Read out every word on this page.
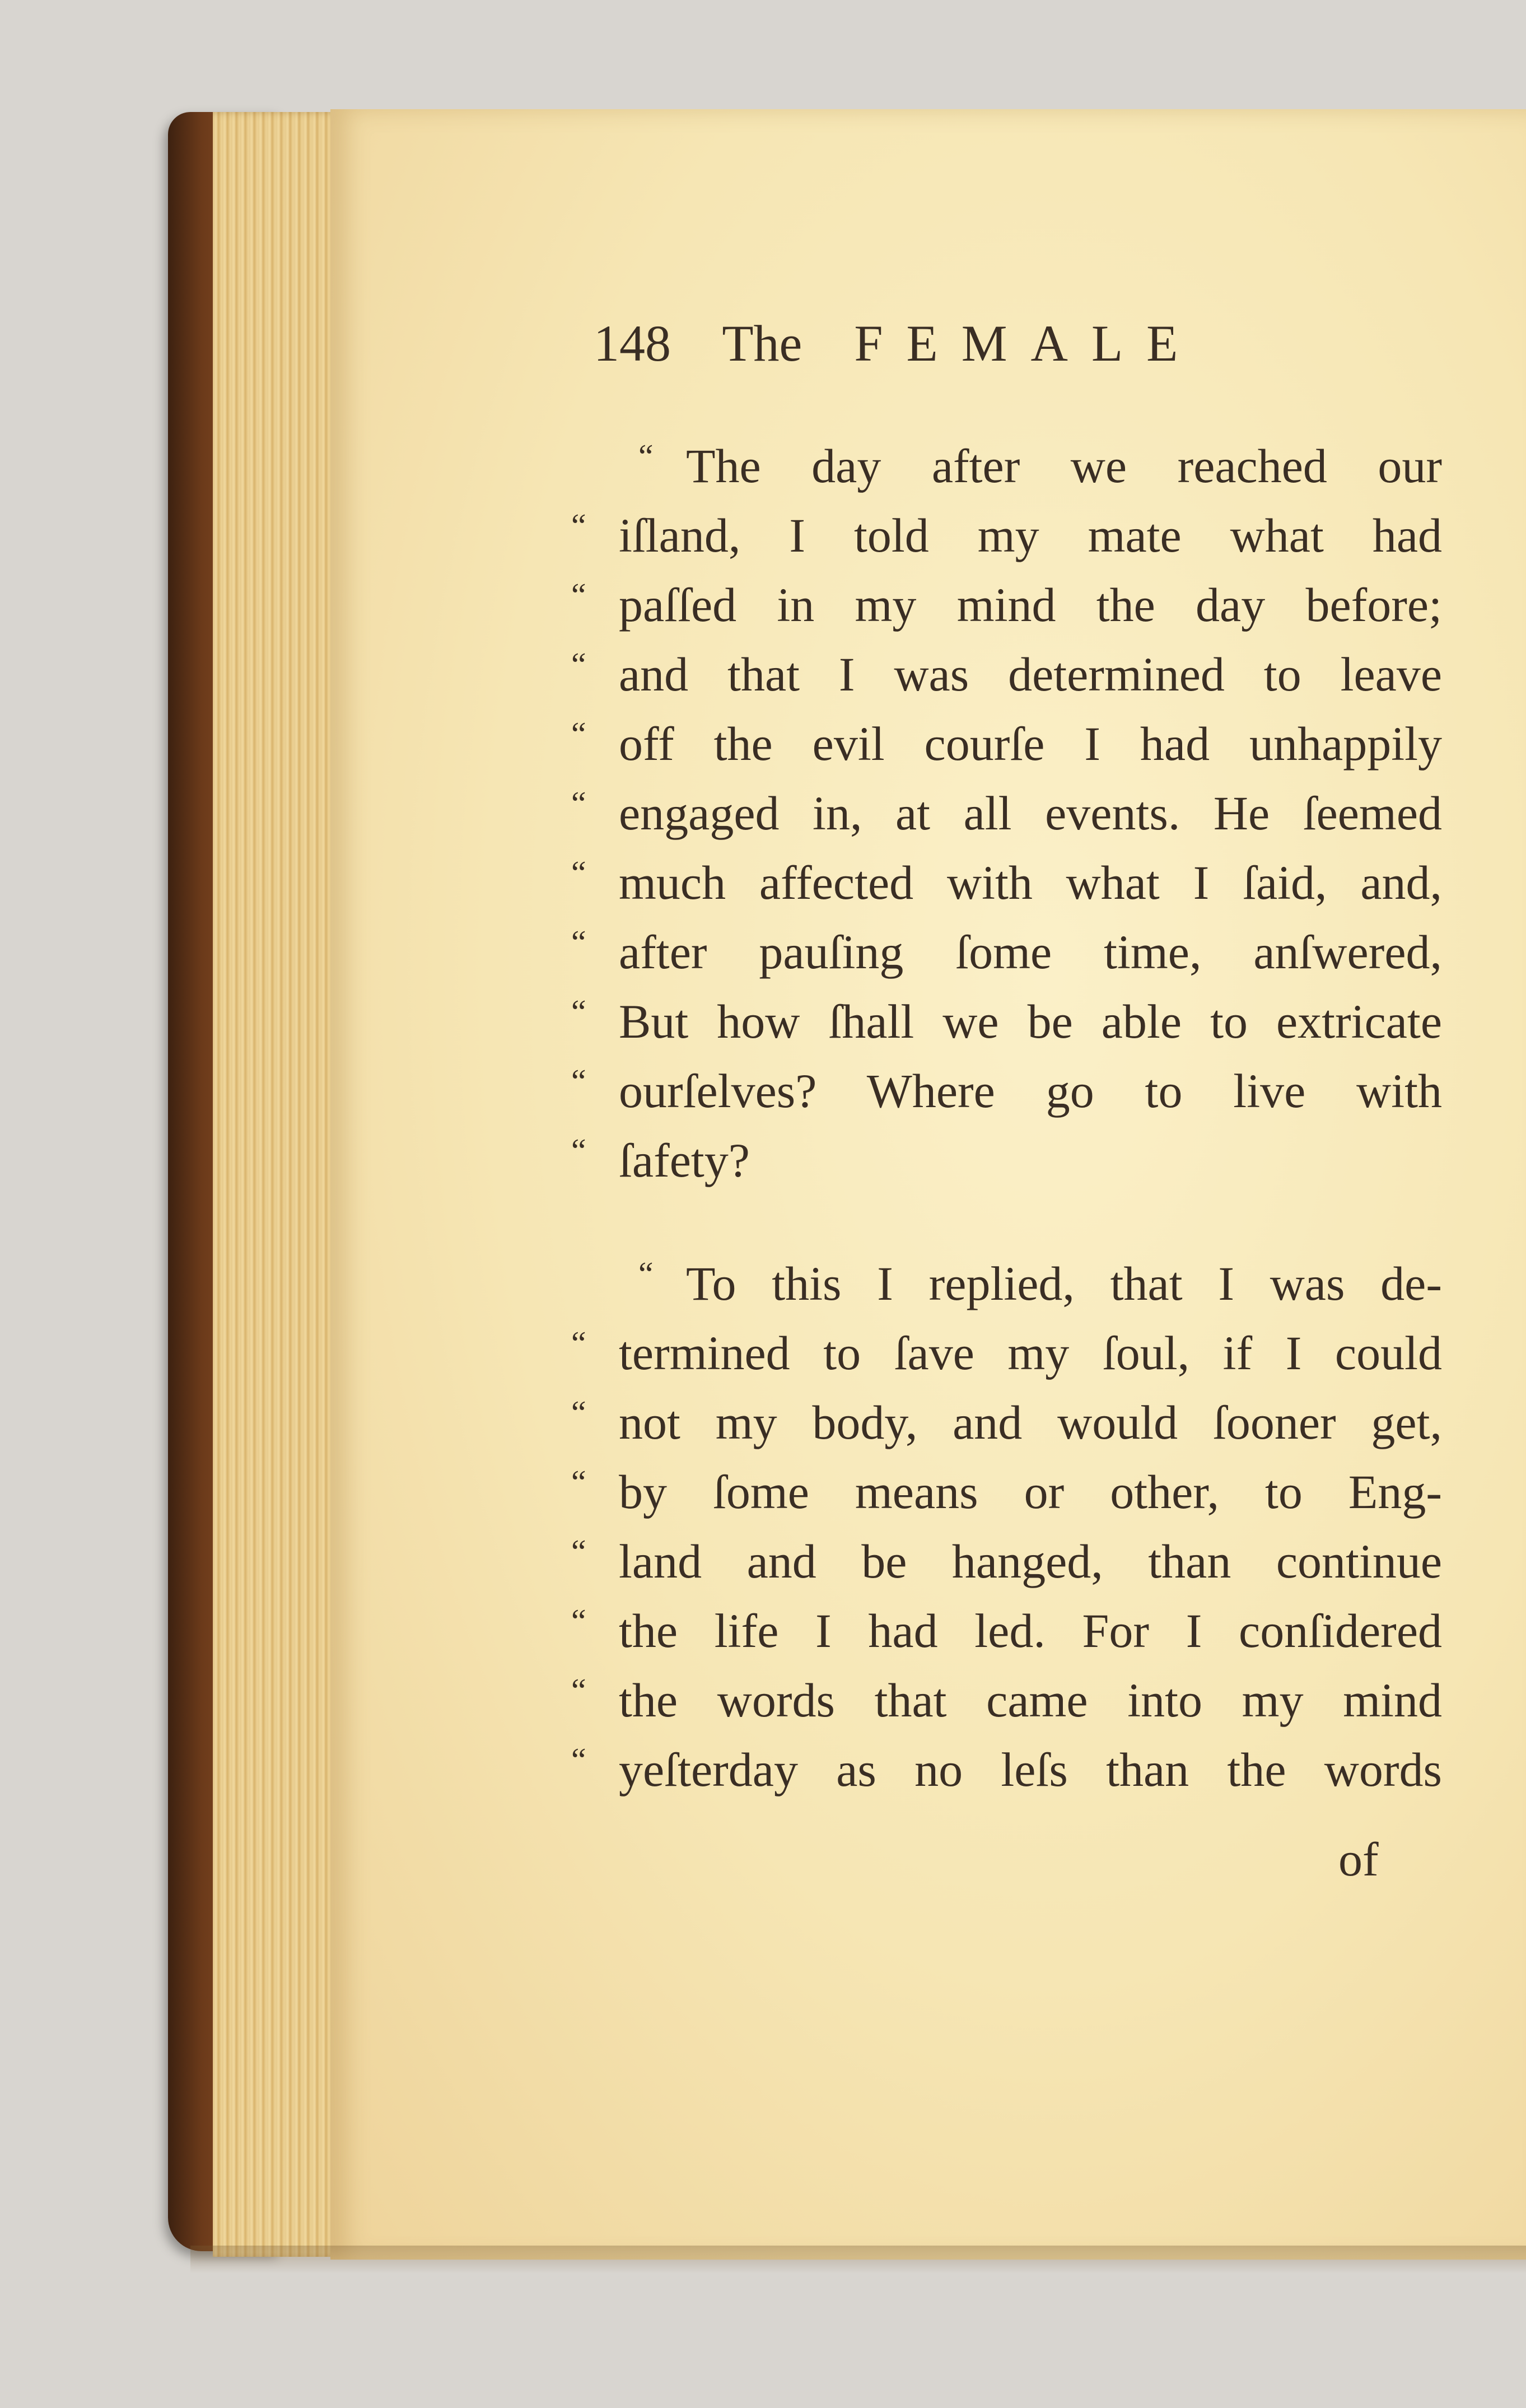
148 The FEMALE
“ The day after we reached our
“ iſland, I told my mate what had
“ paſſed in my mind the day before;
“ and that I was determined to leave
“ off the evil courſe I had unhappily
“ engaged in, at all events. He ſeemed
“ much affected with what I ſaid, and,
“ after pauſing ſome time, anſwered,
“ But how ſhall we be able to extricate
“ ourſelves? Where go to live with
“ ſafety?
“ To this I replied, that I was de-
“ termined to ſave my ſoul, if I could
“ not my body, and would ſooner get,
“ by ſome means or other, to Eng-
“ land and be hanged, than continue
“ the life I had led. For I conſidered
“ the words that came into my mind
“ yeſterday as no leſs than the words
of
